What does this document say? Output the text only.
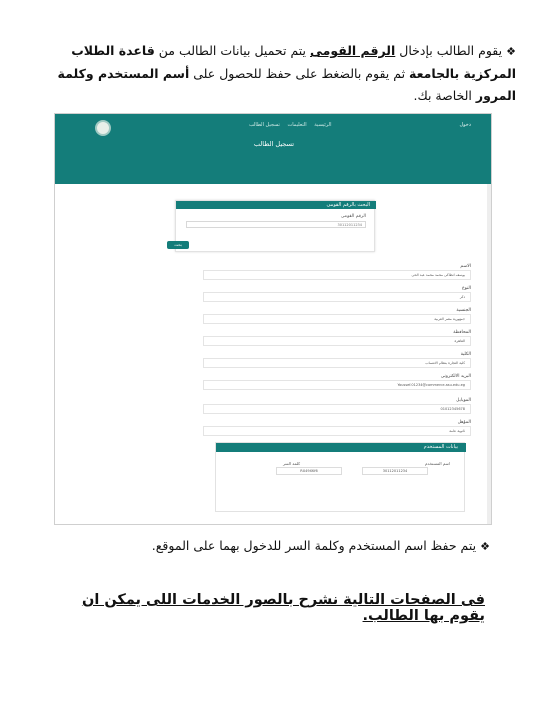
❖يقوم الطالب بإدخال الرقم القومى يتم تحميل بيانات الطالب من قاعدة الطلاب المركزية بالجامعة ثم يقوم بالضغط على حفظ للحصول على أسم المستخدم وكلمة المرور الخاصة بك.
الرئيسية التعليمات تسجيل الطالب	دخول
تسجيل الطالب
البحث بالرقم القومى
الرقم القومى
30112011234
بحث
الاسم
يوسف انطاكى محمد محمد عبد الحى
النوع
ذكر
الجنسية
جمهورية مصر العربية
المحافظة
القاهرة
الكلية
كلية التجارة بنظام الانتساب
البريد الالكترونى
Youssef.01234@commerce.asu.edu.eg
الموبايل
01012345678
المؤهل
ثانوية عامة
بيانات المستخدم
اسم المستخدم
30112011234
كلمة السر
RX49XKf6
❖يتم حفظ اسم المستخدم وكلمة السر للدخول بهما على الموقع.
فى الصفحات التالية نشرح بالصور الخدمات اللى يمكن ان يقوم بها الطالب.
